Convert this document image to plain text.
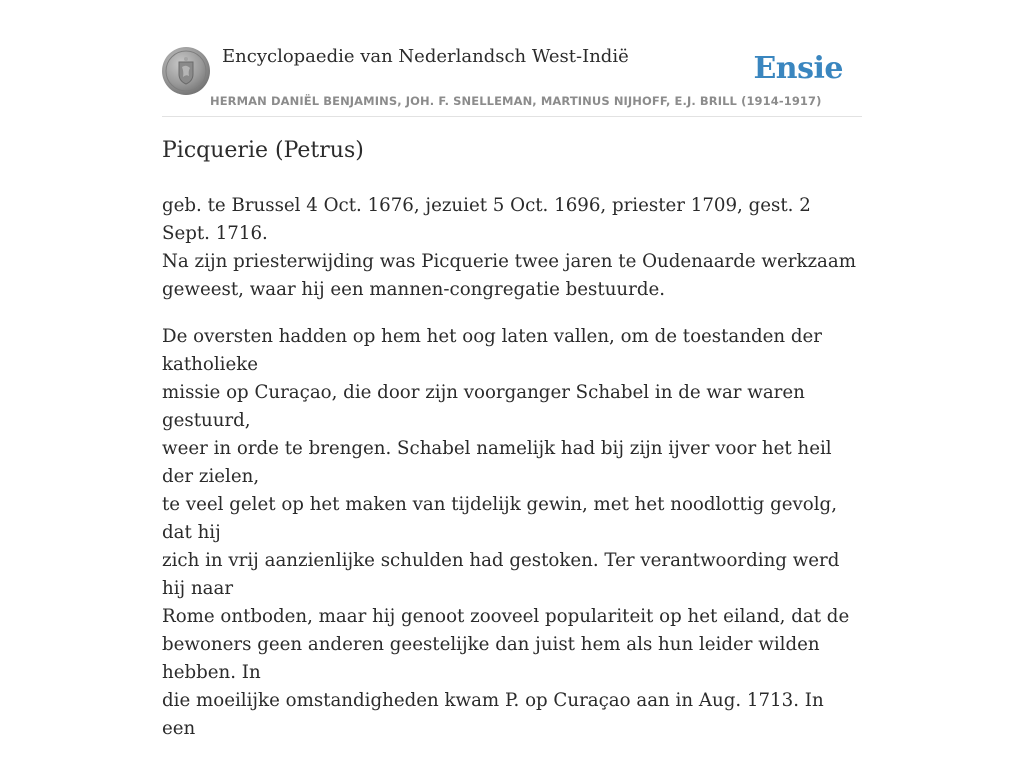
Encyclopaedie van Nederlandsch West-Indië	Ensie
HERMAN DANIËL BENJAMINS, JOH. F. SNELLEMAN, MARTINUS NIJHOFF, E.J. BRILL (1914-1917)
Picquerie (Petrus)

geb. te Brussel 4 Oct. 1676, jezuiet 5 Oct. 1696, priester 1709, gest. 2 Sept. 1716.
Na zijn priesterwijding was Picquerie twee jaren te Oudenaarde werkzaam
geweest, waar hij een mannen-congregatie bestuurde.

De oversten hadden op hem het oog laten vallen, om de toestanden der katholieke
missie op Curaçao, die door zijn voorganger Schabel in de war waren gestuurd,
weer in orde te brengen. Schabel namelijk had bij zijn ijver voor het heil der zielen,
te veel gelet op het maken van tijdelijk gewin, met het noodlottig gevolg, dat hij
zich in vrij aanzienlijke schulden had gestoken. Ter verantwoording werd hij naar
Rome ontboden, maar hij genoot zooveel populariteit op het eiland, dat de
bewoners geen anderen geestelijke dan juist hem als hun leider wilden hebben. In
die moeilijke omstandigheden kwam P. op Curaçao aan in Aug. 1713. In een
